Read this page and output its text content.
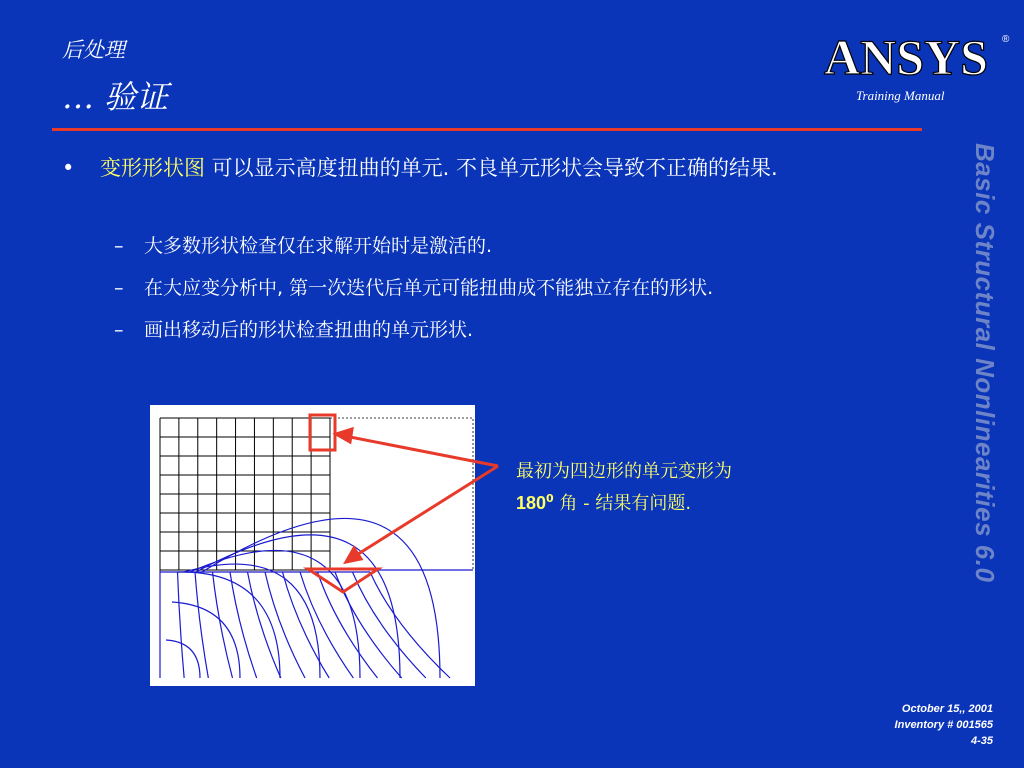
后处理
… 验证
ANSYS ®
Training Manual
Basic Structural Nonlinearities 6.0
• 变形形状图 可以显示高度扭曲的单元. 不良单元形状会导致不正确的结果.
– 大多数形状检查仅在求解开始时是激活的.
– 在大应变分析中, 第一次迭代后单元可能扭曲成不能独立存在的形状.
– 画出移动后的形状检查扭曲的单元形状.
最初为四边形的单元变形为
$180^0$ 角 - 结果有问题.
October 15,, 2001
Inventory # 001565
4-35
